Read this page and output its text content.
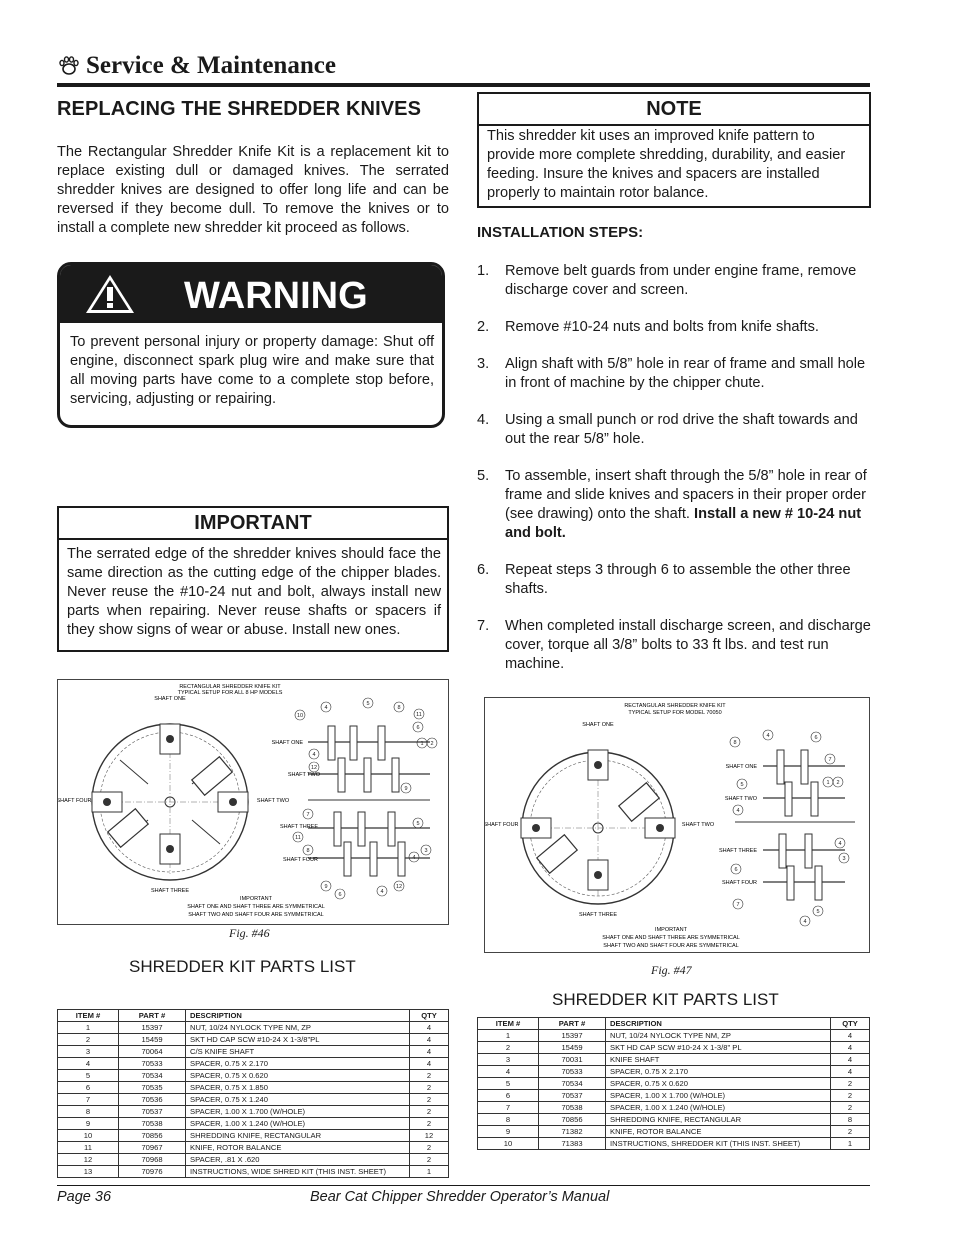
Service & Maintenance
REPLACING THE SHREDDER KNIVES
The Rectangular Shredder Knife Kit is a replacement kit to replace existing dull or damaged knives. The serrated shredder knives are designed to offer long life and can be reversed if they become dull. To remove the knives or to install a complete new shredder kit proceed as follows.
WARNING
To prevent personal injury or property damage: Shut off engine, disconnect spark plug wire and make sure that all moving parts have come to a complete stop before, servicing, adjusting or repairing.
IMPORTANT
The serrated edge of the shredder knives should face the same direction as the cutting edge of the chipper blades. Never reuse the #10-24 nut and bolt, always install new parts when repairing. Never reuse shafts or spacers if they show signs of wear or abuse. Install new ones.
NOTE
This shredder kit uses an improved knife pattern to provide more complete shredding, durability, and easier feeding. Insure the knives and spacers are installed properly to maintain rotor balance.
INSTALLATION STEPS:
1.	Remove belt guards from under engine frame, remove discharge cover and screen.
2.	Remove #10-24 nuts and bolts from knife shafts.
3.	Align shaft with 5/8” hole in rear of frame and small hole in front of machine by the chipper chute.
4.	Using a small punch or rod drive the shaft towards and out the rear 5/8” hole.
5.	To assemble, insert shaft through the 5/8” hole in rear of frame and slide knives and spacers in their proper order (see drawing) onto the shaft. Install a new # 10-24 nut and bolt.
6.	Repeat steps 3 through 6 to assemble the other three shafts.
7.	When completed install discharge screen, and discharge cover, torque all 3/8” bolts to 33 ft lbs. and test run machine.
RECTANGULAR SHREDDER KNIFE KIT
TYPICAL SETUP FOR ALL 8 HP MODELS
SHAFT ONE
SHAFT THREE
SHAFT FOUR	SHAFT TWO
SHAFT ONE
SHAFT TWO
SHAFT THREE
SHAFT FOUR
10
4
5
8
11
6
1 2
4
12
9
7
5
11
8	3
4
9
6	4
12
IMPORTANT
SHAFT ONE AND SHAFT THREE ARE SYMMETRICAL
SHAFT TWO AND SHAFT FOUR ARE SYMMETRICAL
Fig. #46
RECTANGULAR SHREDDER KNIFE KIT
TYPICAL SETUP FOR MODEL 70050
SHAFT ONE
SHAFT THREE
SHAFT FOUR	SHAFT TWO
SHAFT ONE
SHAFT TWO
SHAFT THREE
SHAFT FOUR
8
4	6
7
1 2
5
4
4
3
6
7
5
4
IMPORTANT
SHAFT ONE AND SHAFT THREE ARE SYMMETRICAL
SHAFT TWO AND SHAFT FOUR ARE SYMMETRICAL
Fig. #47
SHREDDER KIT PARTS LIST
ITEM #	PART #	DESCRIPTION	QTY
1	15397	NUT, 10/24 NYLOCK TYPE NM, ZP	4
2	15459	SKT HD CAP SCW #10-24 X 1-3/8"PL	4
3	70064	C/S KNIFE SHAFT	4
4	70533	SPACER, 0.75 X 2.170	4
5	70534	SPACER, 0.75 X 0.620	2
6	70535	SPACER, 0.75 X 1.850	2
7	70536	SPACER, 0.75 X 1.240	2
8	70537	SPACER, 1.00 X 1.700 (W/HOLE)	2
9	70538	SPACER, 1.00 X 1.240 (W/HOLE)	2
10	70856	SHREDDING KNIFE, RECTANGULAR	12
11	70967	KNIFE, ROTOR BALANCE	2
12	70968	SPACER, .81 X .620	2
13	70976	INSTRUCTIONS, WIDE SHRED KIT (THIS INST. SHEET)	1
SHREDDER KIT PARTS LIST
ITEM #	PART #	DESCRIPTION	QTY
1	15397	NUT, 10/24 NYLOCK TYPE NM, ZP	4
2	15459	SKT HD CAP SCW #10-24 X 1-3/8" PL	4
3	70031	KNIFE SHAFT	4
4	70533	SPACER, 0.75 X 2.170	4
5	70534	SPACER, 0.75 X 0.620	2
6	70537	SPACER, 1.00 X 1.700 (W/HOLE)	2
7	70538	SPACER, 1.00 X 1.240 (W/HOLE)	2
8	70856	SHREDDING KNIFE, RECTANGULAR	8
9	71382	KNIFE, ROTOR BALANCE	2
10	71383	INSTRUCTIONS, SHREDDER KIT (THIS INST. SHEET)	1
Page 36	Bear Cat Chipper Shredder Operator’s Manual
